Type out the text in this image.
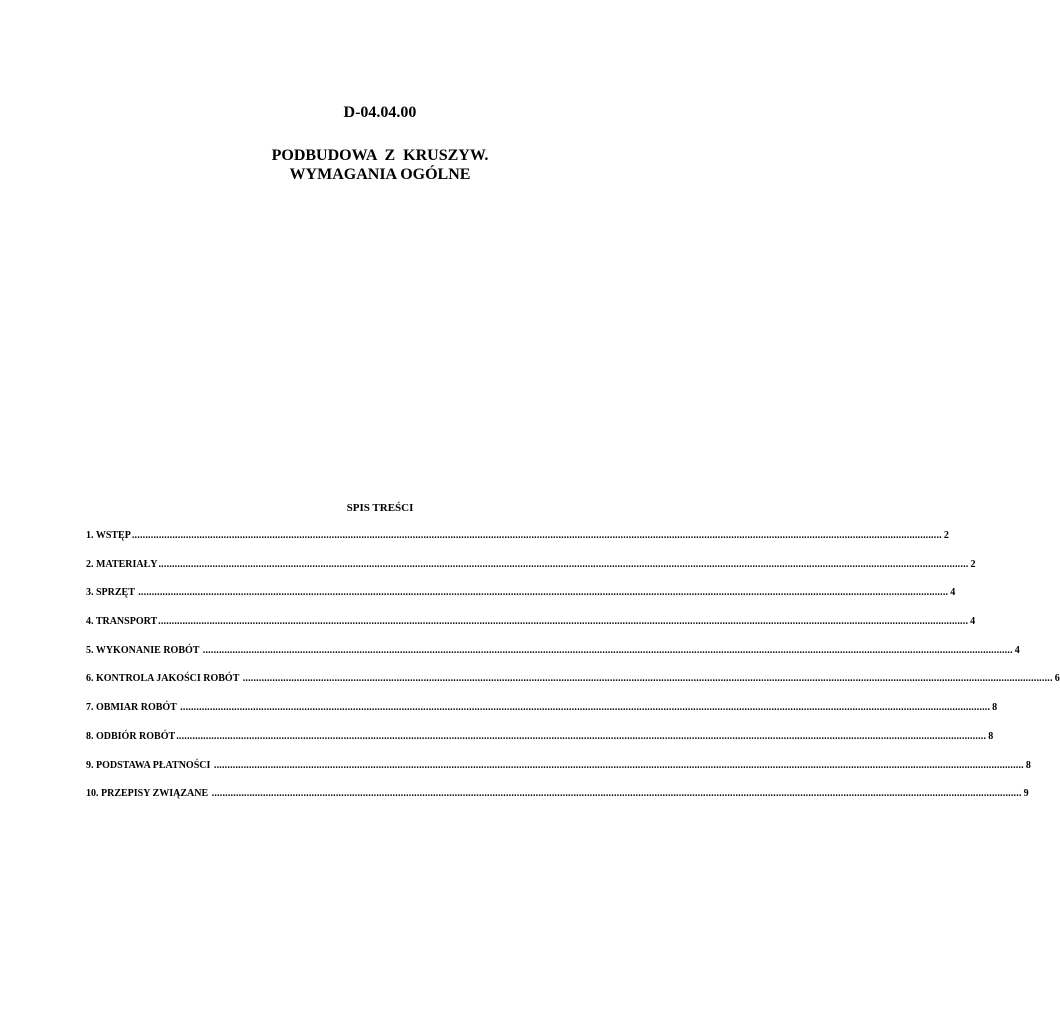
D-04.04.00
PODBUDOWA Z KRUSZYW.
WYMAGANIA OGÓLNE
SPIS TREŚCI
1. WSTĘP ............................................................................................................................................................................................................................................................................................................ 2
2. MATERIAŁY ............................................................................................................................................................................................................................................................................................................ 2
3. SPRZĘT ............................................................................................................................................................................................................................................................................................................ 4
4. TRANSPORT ............................................................................................................................................................................................................................................................................................................ 4
5. WYKONANIE ROBÓT ............................................................................................................................................................................................................................................................................................................ 4
6. KONTROLA JAKOŚCI ROBÓT ............................................................................................................................................................................................................................................................................................................ 6
7. OBMIAR ROBÓT ............................................................................................................................................................................................................................................................................................................ 8
8. ODBIÓR ROBÓT ............................................................................................................................................................................................................................................................................................................ 8
9. PODSTAWA PŁATNOŚCI ............................................................................................................................................................................................................................................................................................................ 8
10. PRZEPISY ZWIĄZANE ............................................................................................................................................................................................................................................................................................................ 9
